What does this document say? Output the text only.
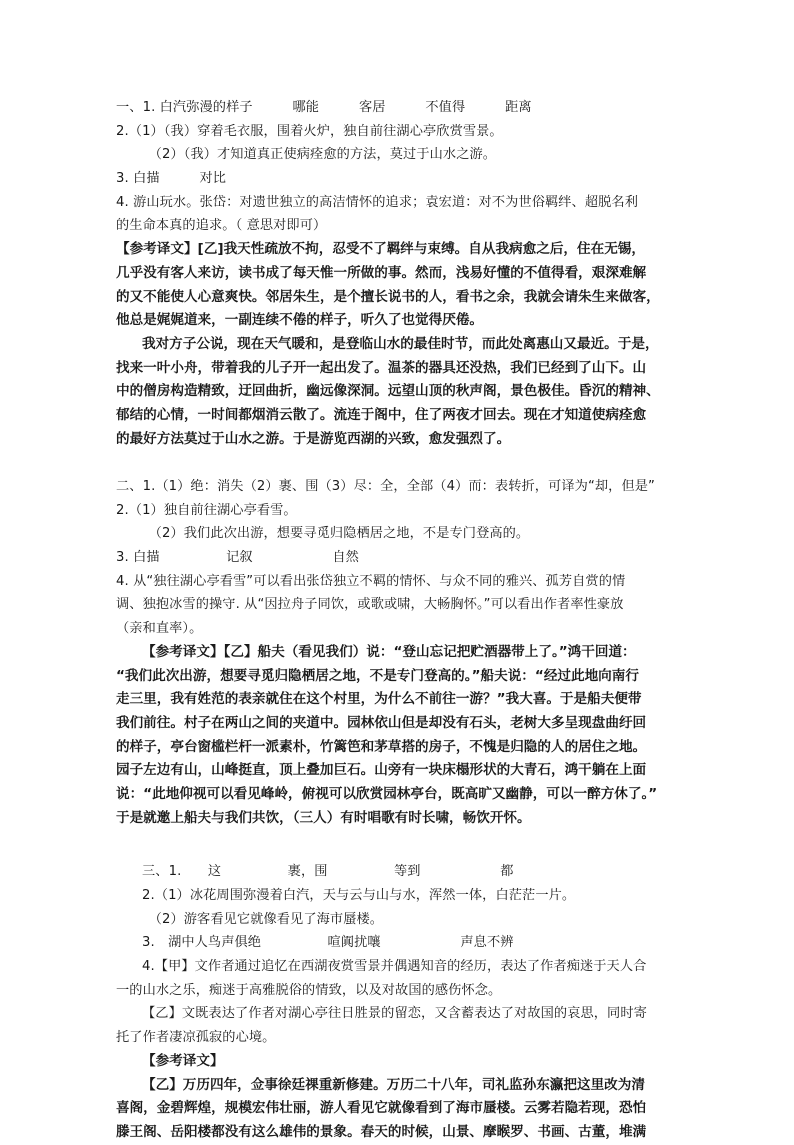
一、1. 白汽弥漫的样子　　　哪能　　　客居　　　不值得　　　距离
2.（1）（我）穿着毛衣服，围着火炉，独自前往湖心亭欣赏雪景。
　（2）（我）才知道真正使病痊愈的方法，莫过于山水之游。
3. 白描　　　对比
4. 游山玩水。张岱：对遗世独立的高洁情怀的追求；袁宏道：对不为世俗羁绊、超脱名利
的生命本真的追求。（ 意思对即可）
【参考译文】[乙]我天性疏放不拘，忍受不了羁绊与束缚。自从我病愈之后，住在无锡，
几乎没有客人来访，读书成了每天惟一所做的事。然而，浅易好懂的不值得看，艰深难解
的又不能使人心意爽快。邻居朱生，是个擅长说书的人，看书之余，我就会请朱生来做客，
他总是娓娓道来，一副连续不倦的样子，听久了也觉得厌倦。
我对方子公说，现在天气暖和，是登临山水的最佳时节，而此处离惠山又最近。于是，
找来一叶小舟，带着我的儿子开一起出发了。温茶的器具还没热，我们已经到了山下。山
中的僧房构造精致，迂回曲折，幽远像深洞。远望山顶的秋声阁，景色极佳。昏沉的精神、
郁结的心情，一时间都烟消云散了。流连于阁中，住了两夜才回去。现在才知道使病痊愈
的最好方法莫过于山水之游。于是游览西湖的兴致，愈发强烈了。
二、1.（1）绝：消失（2）裹、围（3）尽：全，全部（4）而：表转折，可译为“却，但是”
2.（1）独自前往湖心亭看雪。
　（2）我们此次出游，想要寻觅归隐栖居之地，不是专门登高的。
3. 白描　　　　　记叙　　　　　　自然
4. 从“独往湖心亭看雪”可以看出张岱独立不羁的情怀、与众不同的雅兴、孤芳自赏的情
调、独抱冰雪的操守. 从“因拉舟子同饮，或歌或啸，大畅胸怀。”可以看出作者率性豪放
（亲和直率）。
【参考译文】【乙】船夫（看见我们）说：“登山忘记把贮酒器带上了。”鸿干回道：
“我们此次出游，想要寻觅归隐栖居之地，不是专门登高的。”船夫说：“经过此地向南行
走三里，我有姓范的表亲就住在这个村里，为什么不前往一游？”我大喜。于是船夫便带
我们前往。村子在两山之间的夹道中。园林依山但是却没有石头，老树大多呈现盘曲纡回
的样子，亭台窗槛栏杆一派素朴，竹篱笆和茅草搭的房子，不愧是归隐的人的居住之地。
园子左边有山，山峰挺直，顶上叠加巨石。山旁有一块床榻形状的大青石，鸿干躺在上面
说：“此地仰视可以看见峰岭，俯视可以欣赏园林亭台，既高旷又幽静，可以一醉方休了。”
于是就邀上船夫与我们共饮，（三人）有时唱歌有时长啸，畅饮开怀。
三、1.　　这　　　　　裹，围　　　　　等到　　　　　　都
2.（1）冰花周围弥漫着白汽，天与云与山与水，浑然一体，白茫茫一片。
　（2）游客看见它就像看见了海市蜃楼。
3.　湖中人鸟声俱绝　　　　　喧阗扰嚷　　　　　　声息不辨
4.【甲】文作者通过追忆在西湖夜赏雪景并偶遇知音的经历，表达了作者痴迷于天人合
一的山水之乐，痴迷于高雅脱俗的情致，以及对故国的感伤怀念。
【乙】文既表达了作者对湖心亭往日胜景的留恋，又含蓄表达了对故国的哀思，同时寄
托了作者凄凉孤寂的心境。
【参考译文】
【乙】万历四年，佥事徐廷祼重新修建。万历二十八年，司礼监孙东瀛把这里改为清
喜阁，金碧辉煌，规模宏伟壮丽，游人看见它就像看到了海市蜃楼。云雾若隐若现，恐怕
滕王阁、岳阳楼都没有这么雄伟的景象。春天的时候，山景、摩睺罗、书画、古董，堆满
